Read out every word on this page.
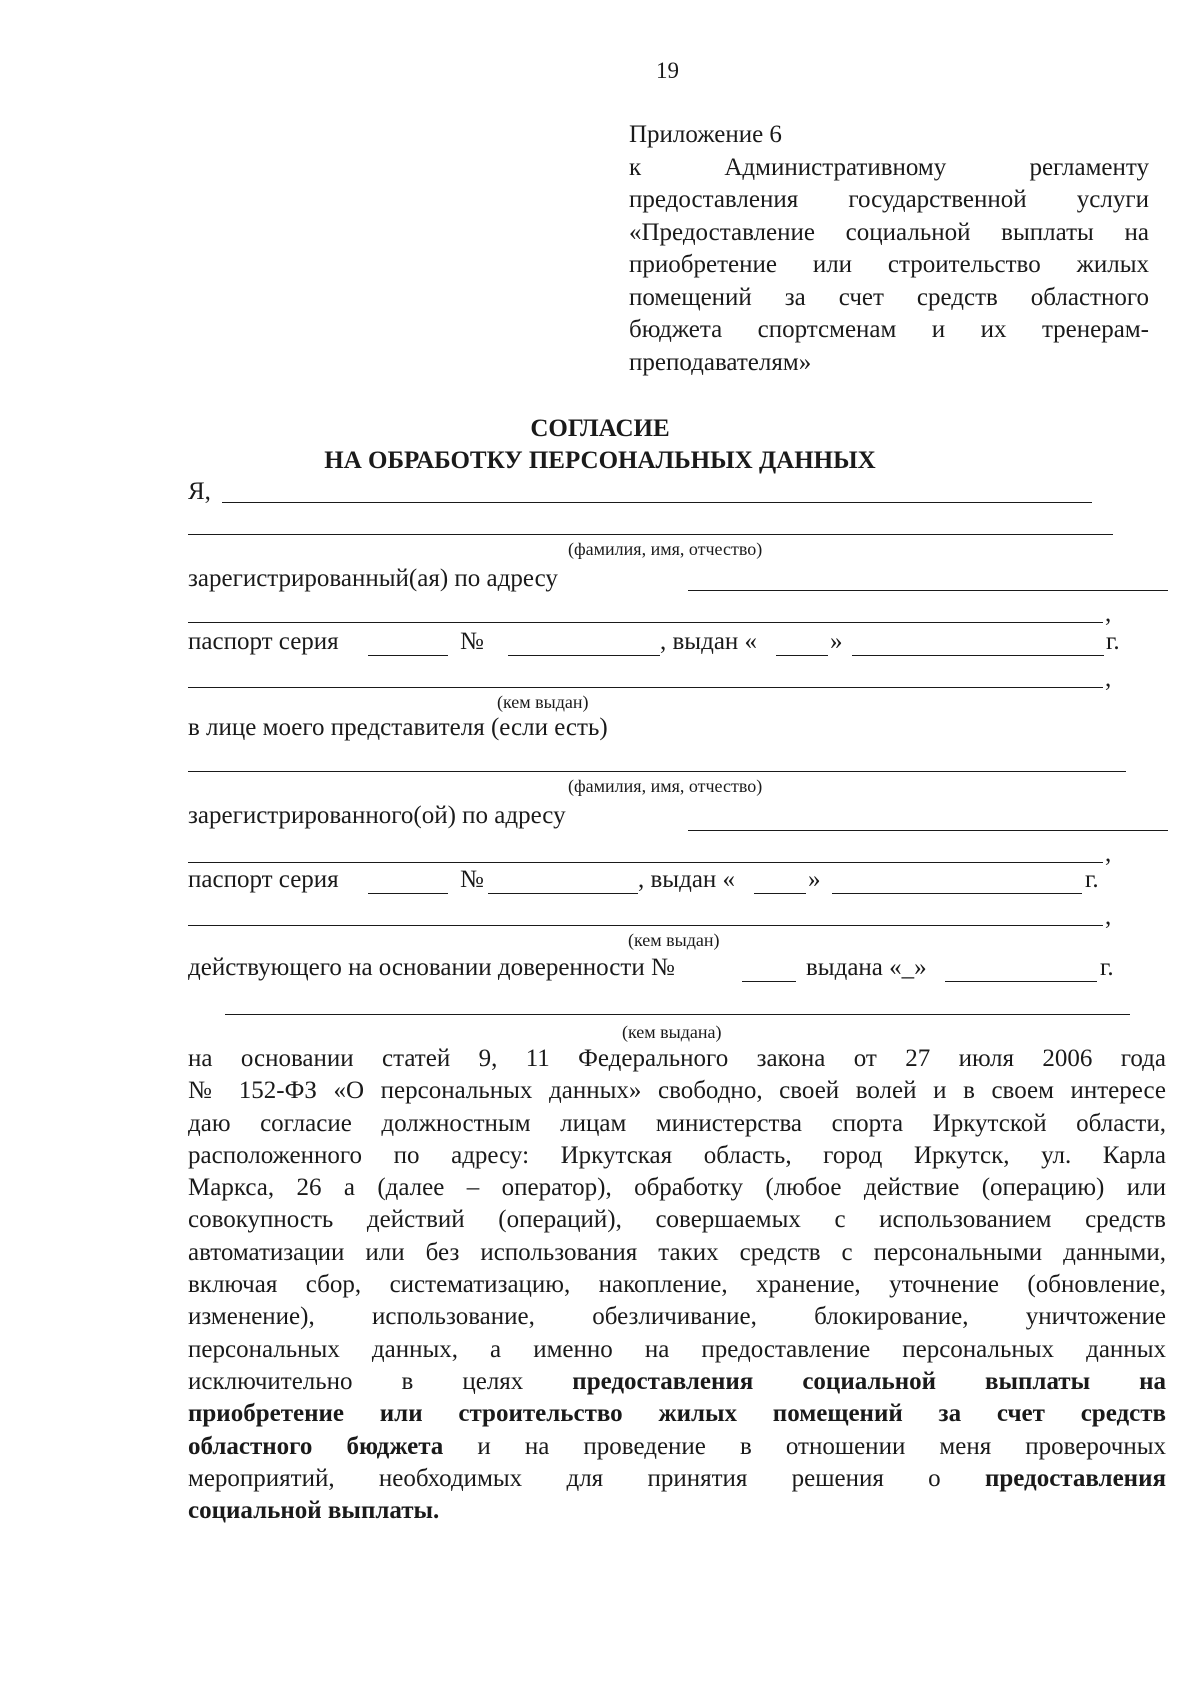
19
Приложение 6
к Административному регламенту
предоставления государственной услуги
«Предоставление социальной выплаты на
приобретение или строительство жилых
помещений за счет средств областного
бюджета спортсменам и их тренерам-
преподавателям»
СОГЛАСИЕ
НА ОБРАБОТКУ ПЕРСОНАЛЬНЫХ ДАННЫХ
Я,
(фамилия, имя, отчество)
зарегистрированный(ая) по адресу
,
паспорт серия	№	, выдан «	»	г.
,
(кем выдан)
в лице моего представителя (если есть)
(фамилия, имя, отчество)
зарегистрированного(ой) по адресу
,
паспорт серия	№	, выдан «	»	г.
,
(кем выдан)
действующего на основании доверенности №	выдана «_»	г.
(кем выдана)
на основании статей 9, 11 Федерального закона от 27 июля 2006 года
№ 152-ФЗ «О персональных данных» свободно, своей волей и в своем интересе
даю согласие должностным лицам министерства спорта Иркутской области,
расположенного по адресу: Иркутская область, город Иркутск, ул. Карла
Маркса, 26 а (далее – оператор), обработку (любое действие (операцию) или
совокупность действий (операций), совершаемых с использованием средств
автоматизации или без использования таких средств с персональными данными,
включая сбор, систематизацию, накопление, хранение, уточнение (обновление,
изменение), использование, обезличивание, блокирование, уничтожение
персональных данных, а именно на предоставление персональных данных
исключительно в целях предоставления социальной выплаты на
приобретение или строительство жилых помещений за счет средств
областного бюджета и на проведение в отношении меня проверочных
мероприятий, необходимых для принятия решения о предоставления
социальной выплаты.
